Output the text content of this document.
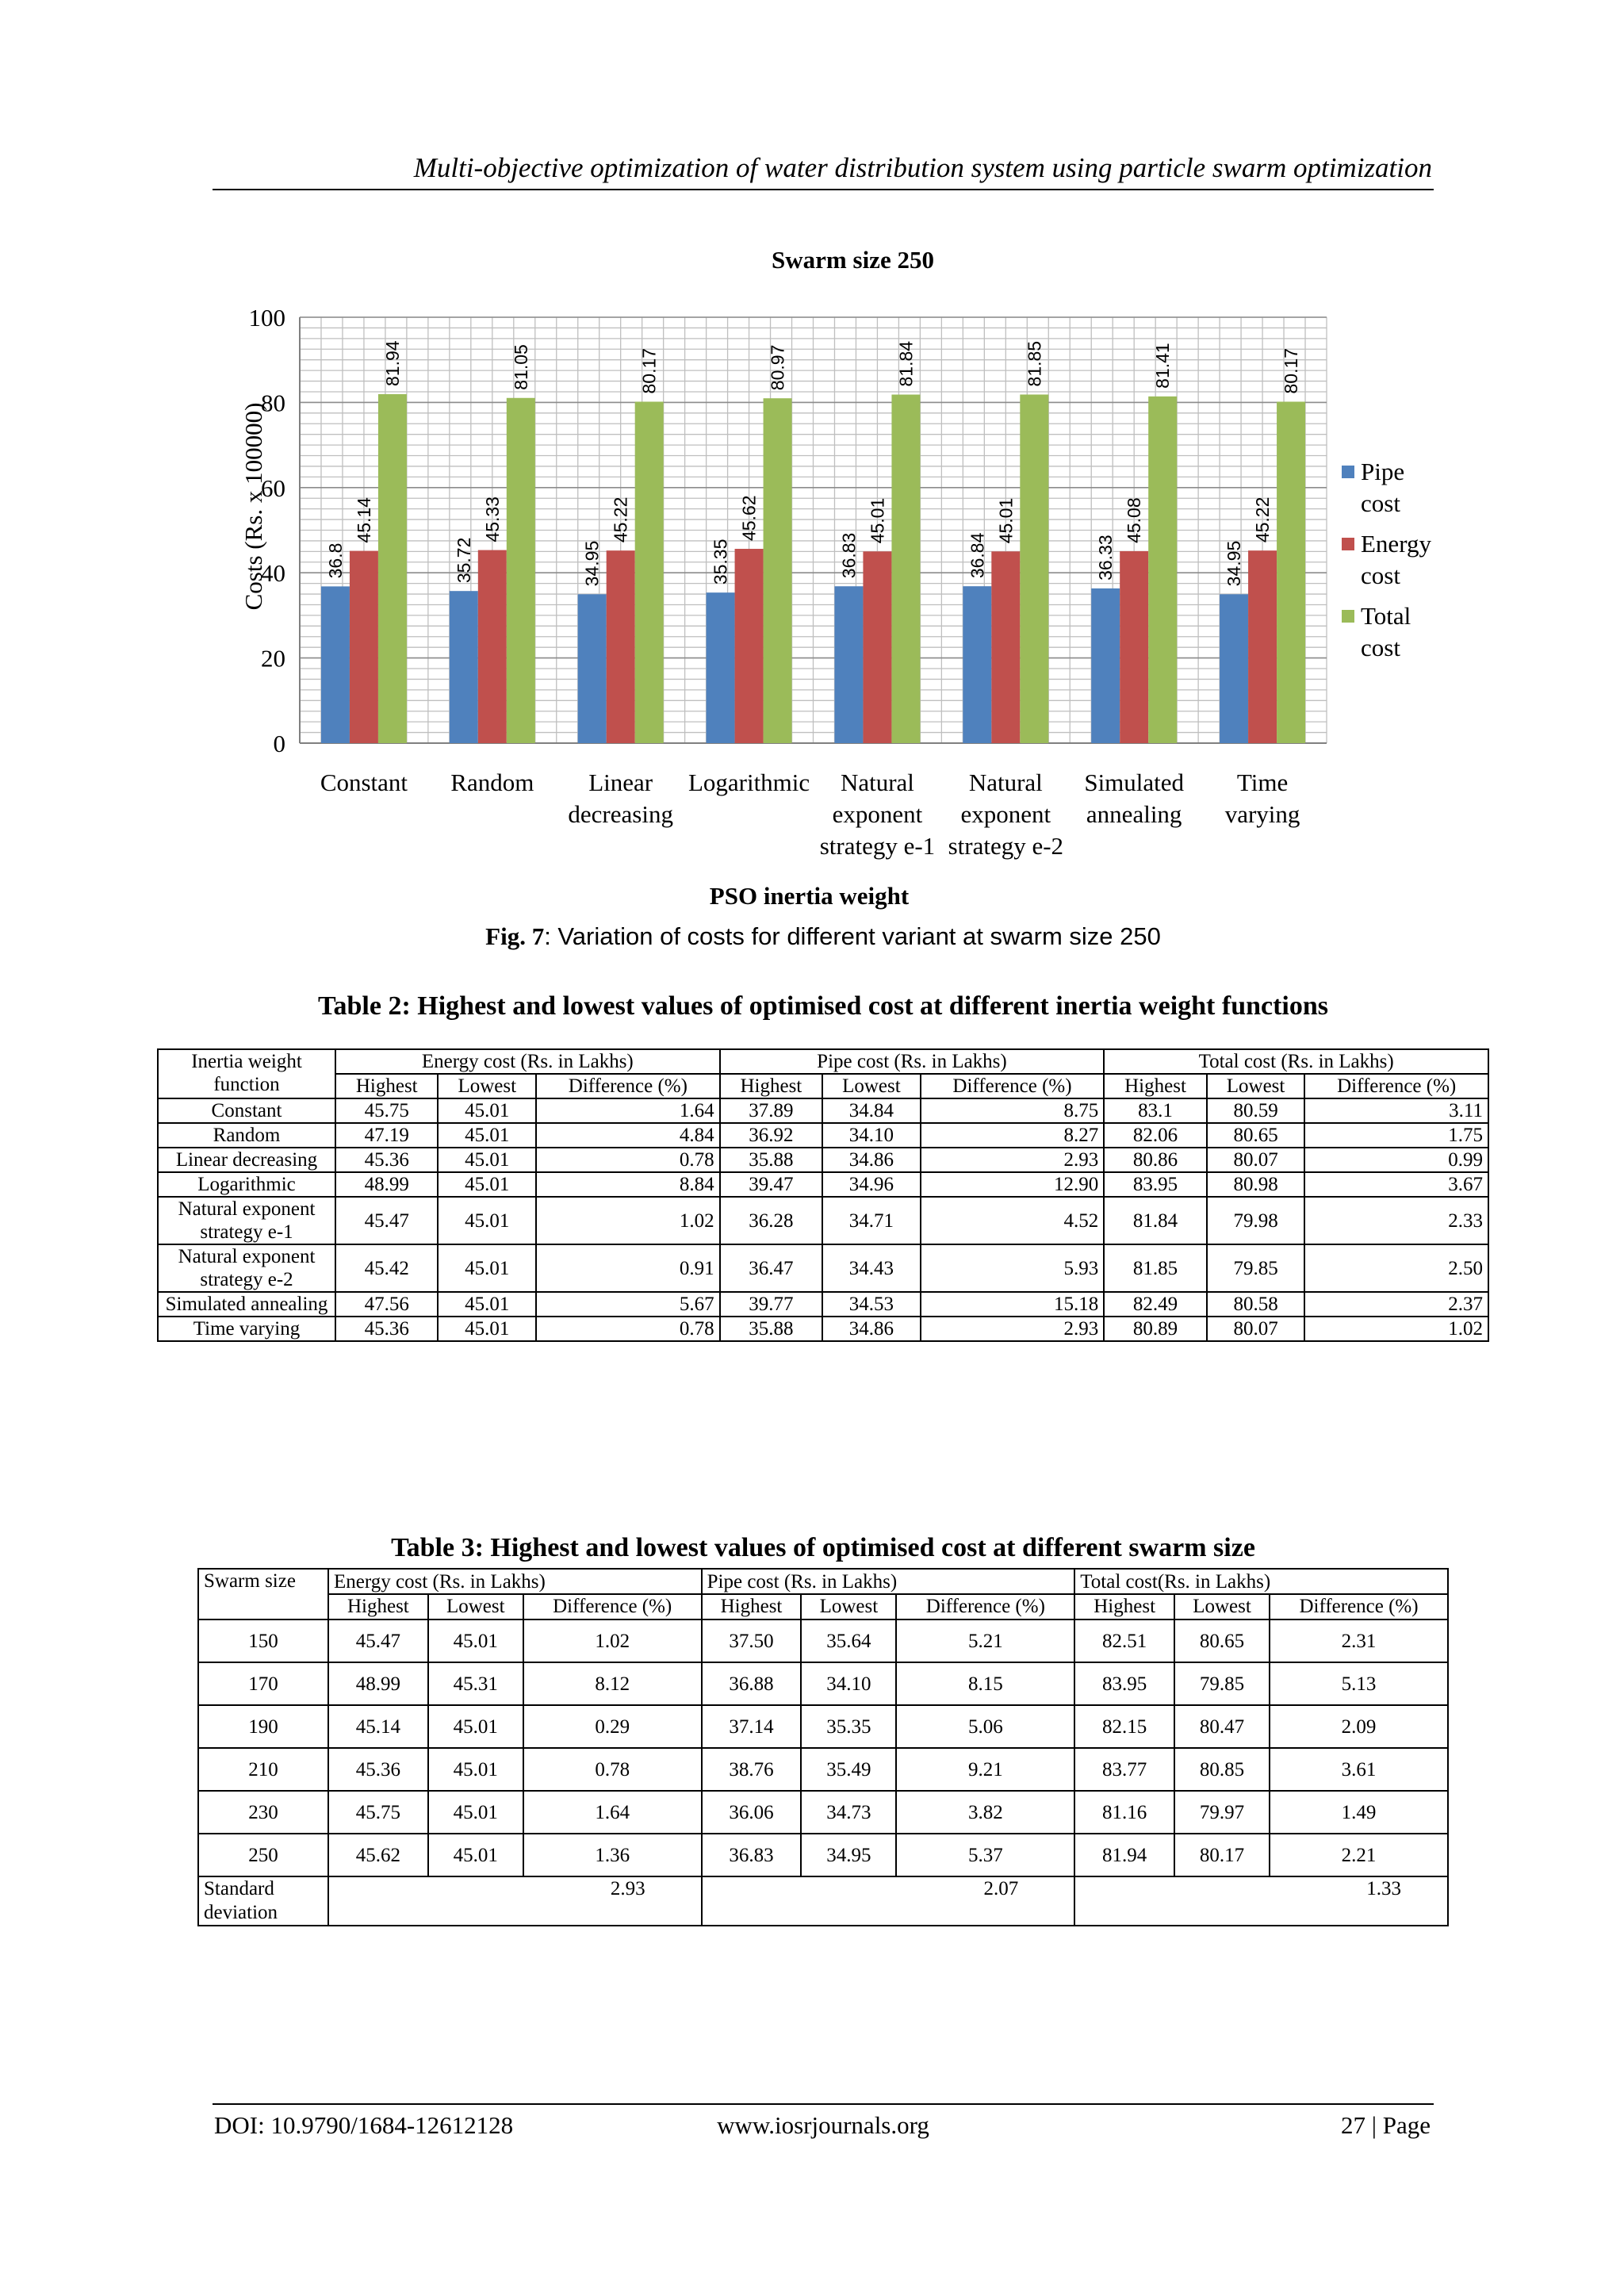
Multi-objective optimization of water distribution system using particle swarm optimization
0
20
40
60
80
100
36.8
45.14
81.94
Constant
35.72
45.33
81.05
Random
34.95
45.22
80.17
Linear
decreasing
35.35
45.62
80.97
Logarithmic
36.83
45.01
81.84
Natural
exponent
strategy e-1
36.84
45.01
81.85
Natural
exponent
strategy e-2
36.33
45.08
81.41
Simulated
annealing
34.95
45.22
80.17
Time
varying
Swarm size 250
PSO inertia weight
Costs (Rs. x 100000)	Pipe
cost
Energy
cost
Total
cost
Fig. 7: Variation of costs for different variant at swarm size 250
Table 2: Highest and lowest values of optimised cost at different inertia weight functions
Inertia weight function	Energy cost (Rs. in Lakhs)			Pipe cost (Rs. in Lakhs)			Total cost (Rs. in Lakhs)		
	Highest	Lowest	Difference (%)	Highest	Lowest	Difference (%)	Highest	Lowest	Difference (%)
Constant	45.75	45.01	1.64	37.89	34.84	8.75	83.1	80.59	3.11
Random	47.19	45.01	4.84	36.92	34.10	8.27	82.06	80.65	1.75
Linear decreasing	45.36	45.01	0.78	35.88	34.86	2.93	80.86	80.07	0.99
Logarithmic	48.99	45.01	8.84	39.47	34.96	12.90	83.95	80.98	3.67
Natural exponent strategy e-1	45.47	45.01	1.02	36.28	34.71	4.52	81.84	79.98	2.33
Natural exponent strategy e-2	45.42	45.01	0.91	36.47	34.43	5.93	81.85	79.85	2.50
Simulated annealing	47.56	45.01	5.67	39.77	34.53	15.18	82.49	80.58	2.37
Time varying	45.36	45.01	0.78	35.88	34.86	2.93	80.89	80.07	1.02
Table 3: Highest and lowest values of optimised cost at different swarm size
Swarm size	Energy cost (Rs. in Lakhs)			Pipe cost (Rs. in Lakhs)			Total cost(Rs. in Lakhs)		
	Highest	Lowest	Difference (%)	Highest	Lowest	Difference (%)	Highest	Lowest	Difference (%)
150	45.47	45.01	1.02	37.50	35.64	5.21	82.51	80.65	2.31
170	48.99	45.31	8.12	36.88	34.10	8.15	83.95	79.85	5.13
190	45.14	45.01	0.29	37.14	35.35	5.06	82.15	80.47	2.09
210	45.36	45.01	0.78	38.76	35.49	9.21	83.77	80.85	3.61
230	45.75	45.01	1.64	36.06	34.73	3.82	81.16	79.97	1.49
250	45.62	45.01	1.36	36.83	34.95	5.37	81.94	80.17	2.21
Standard deviation	2.93			2.07			1.33		
DOI: 10.9790/1684-12612128	www.iosrjournals.org	27 | Page
